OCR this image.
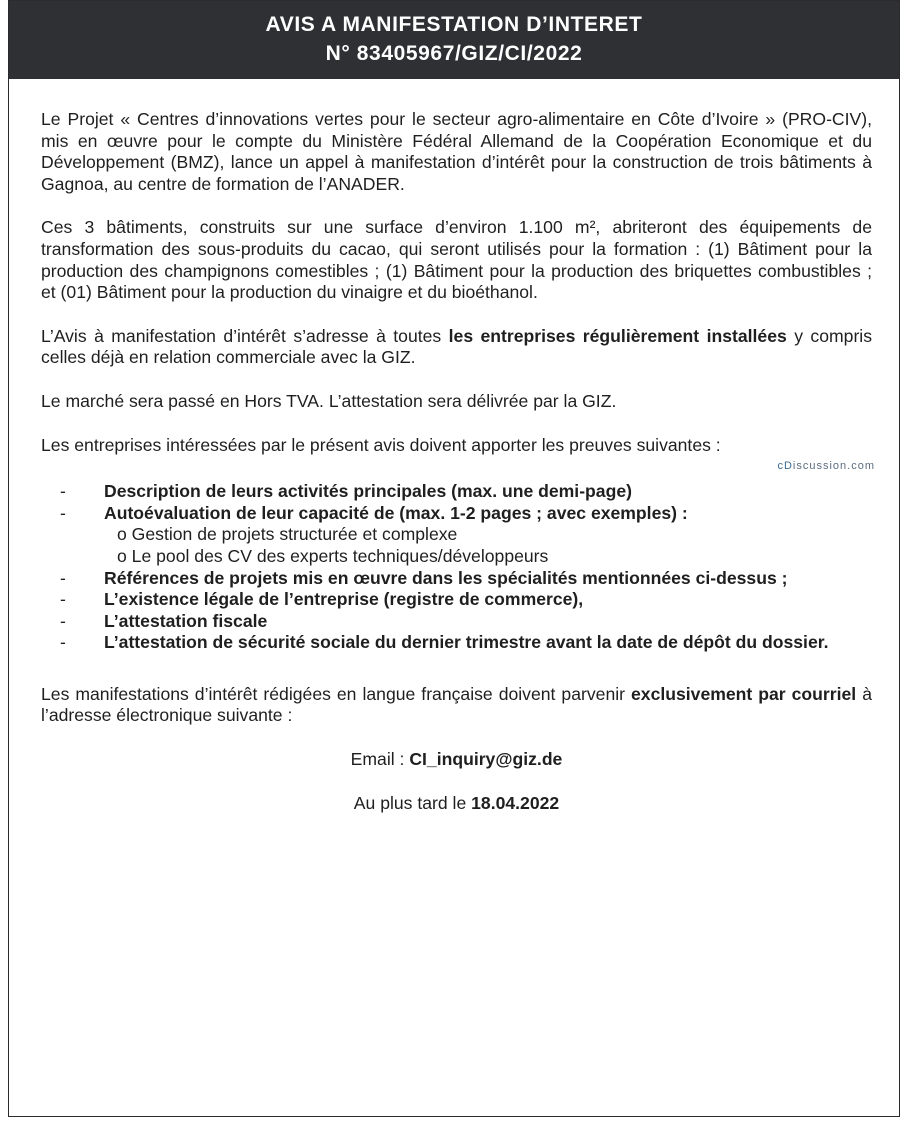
AVIS A MANIFESTATION D’INTERET
N° 83405967/GIZ/CI/2022

Le Projet « Centres d’innovations vertes pour le secteur agro-alimentaire en Côte d’Ivoire » (PRO-CIV), mis en œuvre pour le compte du Ministère Fédéral Allemand de la Coopération Economique et du Développement (BMZ), lance un appel à manifestation d’intérêt pour la construction de trois bâtiments à Gagnoa, au centre de formation de l’ANADER.

Ces 3 bâtiments, construits sur une surface d’environ 1.100 m², abriteront des équipements de transformation des sous-produits du cacao, qui seront utilisés pour la formation : (1) Bâtiment pour la production des champignons comestibles ; (1) Bâtiment pour la production des briquettes combustibles ; et (01) Bâtiment pour la production du vinaigre et du bioéthanol.

L’Avis à manifestation d’intérêt s’adresse à toutes les entreprises régulièrement installées y compris celles déjà en relation commerciale avec la GIZ.

Le marché sera passé en Hors TVA. L’attestation sera délivrée par la GIZ.

Les entreprises intéressées par le présent avis doivent apporter les preuves suivantes :

cDiscussion.com
- Description de leurs activités principales (max. une demi-page)
- Autoévaluation de leur capacité de (max. 1-2 pages ; avec exemples) :
o Gestion de projets structurée et complexe
o Le pool des CV des experts techniques/développeurs
- Références de projets mis en œuvre dans les spécialités mentionnées ci-dessus ;
- L’existence légale de l’entreprise (registre de commerce),
- L’attestation fiscale
- L’attestation de sécurité sociale du dernier trimestre avant la date de dépôt du dossier.

Les manifestations d’intérêt rédigées en langue française doivent parvenir exclusivement par courriel à l’adresse électronique suivante :

Email : CI_inquiry@giz.de

Au plus tard le 18.04.2022
